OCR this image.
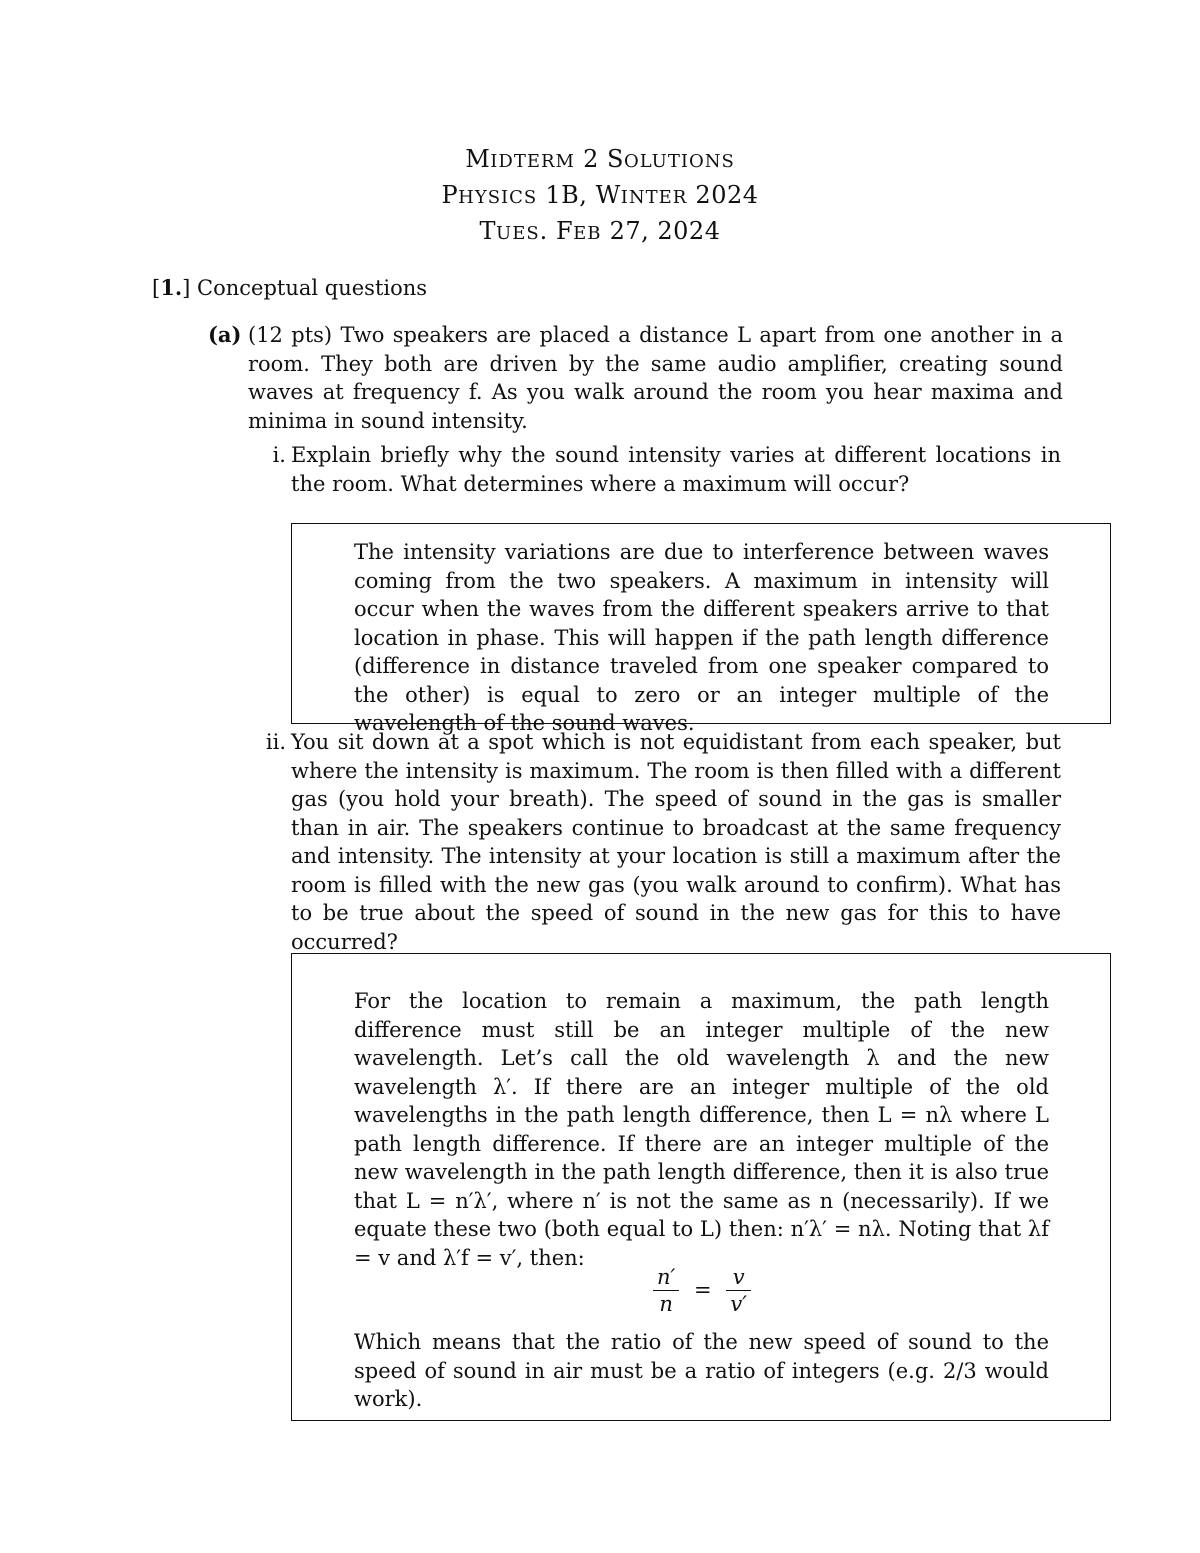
MIDTERM 2 SOLUTIONS
PHYSICS 1B, WINTER 2024
TUES. FEB 27, 2024
[1.] Conceptual questions
(a) (12 pts) Two speakers are placed a distance L apart from one another in a room. They both are driven by the same audio amplifier, creating sound waves at frequency f. As you walk around the room you hear maxima and minima in sound intensity.
i. Explain briefly why the sound intensity varies at different locations in the room. What determines where a maximum will occur?
The intensity variations are due to interference between waves coming from the two speakers. A maximum in intensity will occur when the waves from the different speakers arrive to that location in phase. This will happen if the path length difference (difference in distance traveled from one speaker compared to the other) is equal to zero or an integer multiple of the wavelength of the sound waves.
ii. You sit down at a spot which is not equidistant from each speaker, but where the intensity is maximum. The room is then filled with a different gas (you hold your breath). The speed of sound in the gas is smaller than in air. The speakers continue to broadcast at the same frequency and intensity. The intensity at your location is still a maximum after the room is filled with the new gas (you walk around to confirm). What has to be true about the speed of sound in the new gas for this to have occurred?
For the location to remain a maximum, the path length difference must still be an integer multiple of the new wavelength. Let’s call the old wavelength λ and the new wavelength λ′. If there are an integer multiple of the old wavelengths in the path length difference, then L = nλ where L path length difference. If there are an integer multiple of the new wavelength in the path length difference, then it is also true that L = n′λ′, where n′ is not the same as n (necessarily). If we equate these two (both equal to L) then: n′λ′ = nλ. Noting that λf = v and λ′f = v′, then:
$\frac{n'}{n} = \frac{v}{v'}$
Which means that the ratio of the new speed of sound to the speed of sound in air must be a ratio of integers (e.g. 2/3 would work).
